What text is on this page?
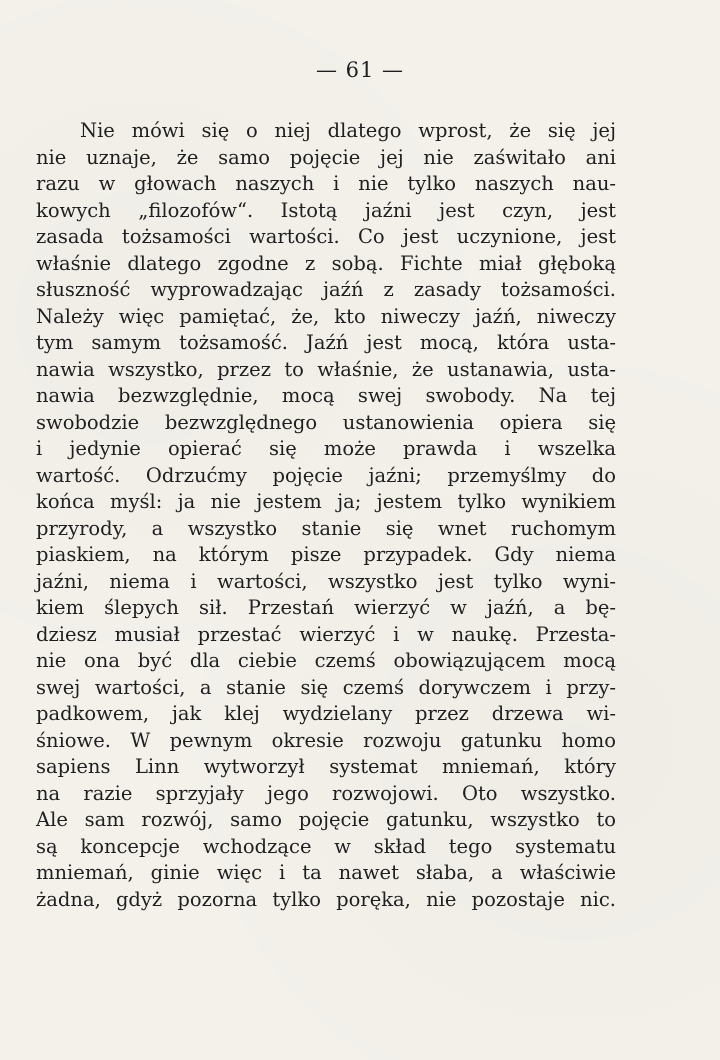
— 61 —
Nie mówi się o niej dlatego wprost, że się jej
nie uznaje, że samo pojęcie jej nie zaświtało ani
razu w głowach naszych i nie tylko naszych nau-
kowych „filozofów“. Istotą jaźni jest czyn, jest
zasada tożsamości wartości. Co jest uczynione, jest
właśnie dlatego zgodne z sobą. Fichte miał głęboką
słuszność wyprowadzając jaźń z zasady tożsamości.
Należy więc pamiętać, że, kto niweczy jaźń, niweczy
tym samym tożsamość. Jaźń jest mocą, która usta-
nawia wszystko, przez to właśnie, że ustanawia, usta-
nawia bezwzględnie, mocą swej swobody. Na tej
swobodzie bezwzględnego ustanowienia opiera się
i jedynie opierać się może prawda i wszelka
wartość. Odrzućmy pojęcie jaźni; przemyślmy do
końca myśl: ja nie jestem ja; jestem tylko wynikiem
przyrody, a wszystko stanie się wnet ruchomym
piaskiem, na którym pisze przypadek. Gdy niema
jaźni, niema i wartości, wszystko jest tylko wyni-
kiem ślepych sił. Przestań wierzyć w jaźń, a bę-
dziesz musiał przestać wierzyć i w naukę. Przesta-
nie ona być dla ciebie czemś obowiązującem mocą
swej wartości, a stanie się czemś dorywczem i przy-
padkowem, jak klej wydzielany przez drzewa wi-
śniowe. W pewnym okresie rozwoju gatunku homo
sapiens Linn wytworzył systemat mniemań, który
na razie sprzyjały jego rozwojowi. Oto wszystko.
Ale sam rozwój, samo pojęcie gatunku, wszystko to
są koncepcje wchodzące w skład tego systematu
mniemań, ginie więc i ta nawet słaba, a właściwie
żadna, gdyż pozorna tylko poręka, nie pozostaje nic.
